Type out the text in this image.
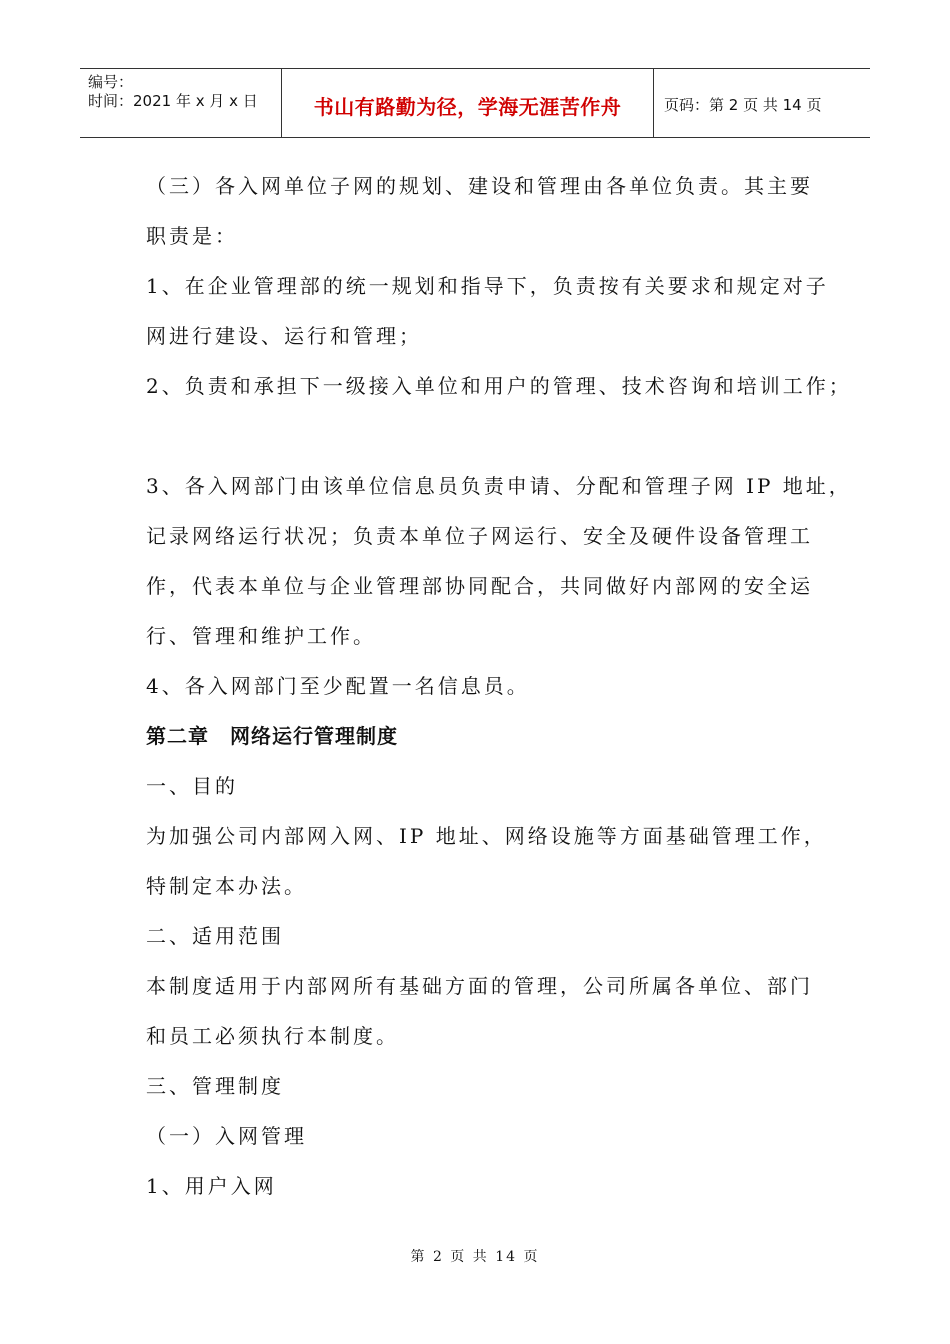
编号：
时间：2021 年 x 月 x 日	书山有路勤为径，学海无涯苦作舟	页码：第 2 页 共 14 页
（三）各入网单位子网的规划、建设和管理由各单位负责。其主要
职责是：
1、在企业管理部的统一规划和指导下，负责按有关要求和规定对子
网进行建设、运行和管理；
2、负责和承担下一级接入单位和用户的管理、技术咨询和培训工作；
3、各入网部门由该单位信息员负责申请、分配和管理子网 IP 地址，
记录网络运行状况；负责本单位子网运行、安全及硬件设备管理工
作，代表本单位与企业管理部协同配合，共同做好内部网的安全运
行、管理和维护工作。
4、各入网部门至少配置一名信息员。
第二章　网络运行管理制度
一、目的
为加强公司内部网入网、IP 地址、网络设施等方面基础管理工作，
特制定本办法。
二、适用范围
本制度适用于内部网所有基础方面的管理，公司所属各单位、部门
和员工必须执行本制度。
三、管理制度
（一）入网管理
1、用户入网
第 2 页 共 14 页
